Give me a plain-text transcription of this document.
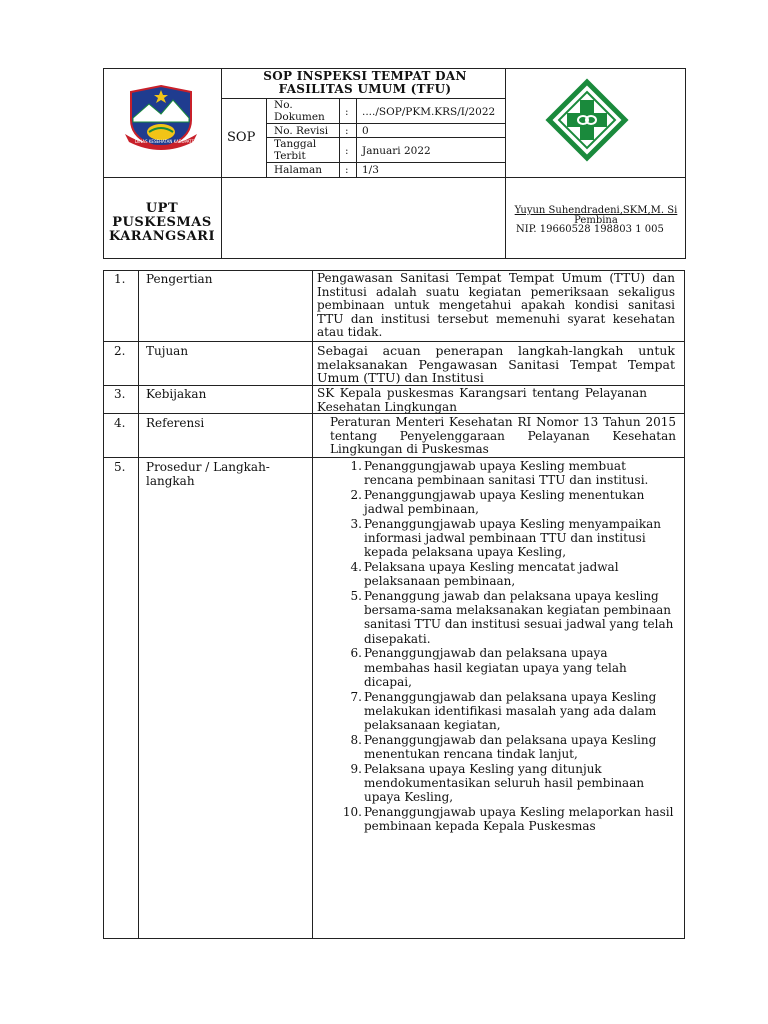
DINAS KESEHATAN KABUPATEN
SOP INSPEKSI TEMPAT DAN FASILITAS UMUM (TFU)
SOP
No. Dokumen	: ..../SOP/PKM.KRS/I/2022
No. Revisi : 0
Tanggal Terbit	: Januari 2022
Halaman : 1/3
UPT PUSKESMAS KARANGSARI
Yuyun Suhendradeni,SKM,M. Si
Pembina
NIP. 19660528 198803 1 005
1. Pengertian	Pengawasan Sanitasi Tempat Tempat Umum (TTU) dan Institusi adalah suatu kegiatan pemeriksaan sekaligus pembinaan untuk mengetahui apakah kondisi sanitasi TTU dan institusi tersebut memenuhi syarat kesehatan atau tidak.
2. Tujuan	Sebagai acuan penerapan langkah-langkah untuk melaksanakan Pengawasan Sanitasi Tempat Tempat Umum (TTU) dan Institusi
3. Kebijakan	SK Kepala puskesmas Karangsari tentang Pelayanan Kesehatan Lingkungan
4. Referensi	Peraturan Menteri Kesehatan RI Nomor 13 Tahun 2015 tentang Penyelenggaraan Pelayanan Kesehatan Lingkungan di Puskesmas
5. Prosedur / Langkah-langkah
1. Penanggungjawab upaya Kesling membuat rencana pembinaan sanitasi TTU dan institusi.
2. Penanggungjawab upaya Kesling menentukan jadwal pembinaan,
3. Penanggungjawab upaya Kesling menyampaikan informasi jadwal pembinaan TTU dan institusi kepada pelaksana upaya Kesling,
4. Pelaksana upaya Kesling mencatat jadwal pelaksanaan pembinaan,
5. Penanggung jawab dan pelaksana upaya kesling bersama-sama melaksanakan kegiatan pembinaan sanitasi TTU dan institusi sesuai jadwal yang telah disepakati.
6. Penanggungjawab dan pelaksana upaya membahas hasil kegiatan upaya yang telah dicapai,
7. Penanggungjawab dan pelaksana upaya Kesling melakukan identifikasi masalah yang ada dalam pelaksanaan kegiatan,
8. Penanggungjawab dan pelaksana upaya Kesling menentukan rencana tindak lanjut,
9. Pelaksana upaya Kesling yang ditunjuk mendokumentasikan seluruh hasil pembinaan upaya Kesling,
10. Penanggungjawab upaya Kesling melaporkan hasil pembinaan kepada Kepala Puskesmas
